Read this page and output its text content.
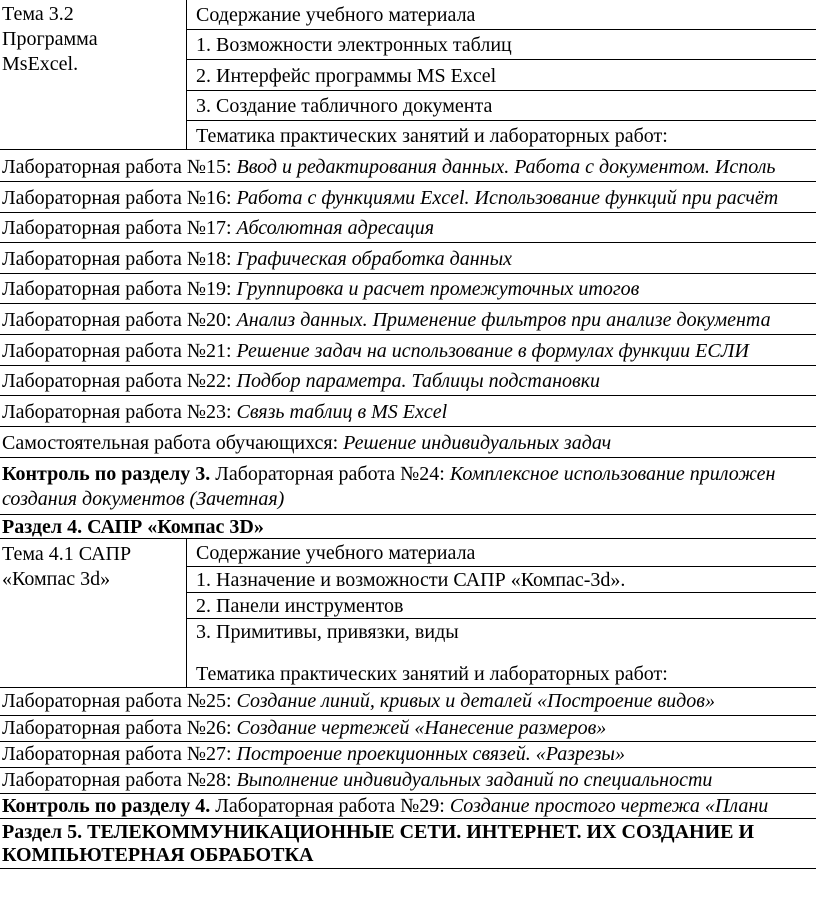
Тема 3.2
Программа
MsExcel.
Содержание учебного материала
1. Возможности электронных таблиц
2. Интерфейс программы MS Excel
3. Создание табличного документа
Тематика практических занятий и лабораторных работ:
Лабораторная работа №15: Ввод и редактирования данных. Работа с документом. Исполь
Лабораторная работа №16: Работа с функциями Excel. Использование функций при расчёт
Лабораторная работа №17: Абсолютная адресация
Лабораторная работа №18: Графическая обработка данных
Лабораторная работа №19: Группировка и расчет промежуточных итогов
Лабораторная работа №20: Анализ данных. Применение фильтров при анализе документа
Лабораторная работа №21: Решение задач на использование в формулах функции ЕСЛИ
Лабораторная работа №22: Подбор параметра. Таблицы подстановки
Лабораторная работа №23: Связь таблиц в MS Excel
Самостоятельная работа обучающихся: Решение индивидуальных задач
Контроль по разделу 3. Лабораторная работа №24: Комплексное использование приложен
создания документов (Зачетная)
Раздел 4. САПР «Компас 3D»
Тема 4.1 САПР
«Компас 3d»
Содержание учебного материала
1. Назначение и возможности САПР «Компас-3d».
2. Панели инструментов
3. Примитивы, привязки, виды
Тематика практических занятий и лабораторных работ:
Лабораторная работа №25: Создание линий, кривых и деталей «Построение видов»
Лабораторная работа №26: Создание чертежей «Нанесение размеров»
Лабораторная работа №27: Построение проекционных связей. «Разрезы»
Лабораторная работа №28: Выполнение индивидуальных заданий по специальности
Контроль по разделу 4. Лабораторная работа №29: Создание простого чертежа «Плани
Раздел 5. ТЕЛЕКОММУНИКАЦИОННЫЕ СЕТИ. ИНТЕРНЕТ. ИХ СОЗДАНИЕ И
КОМПЬЮТЕРНАЯ ОБРАБОТКА
